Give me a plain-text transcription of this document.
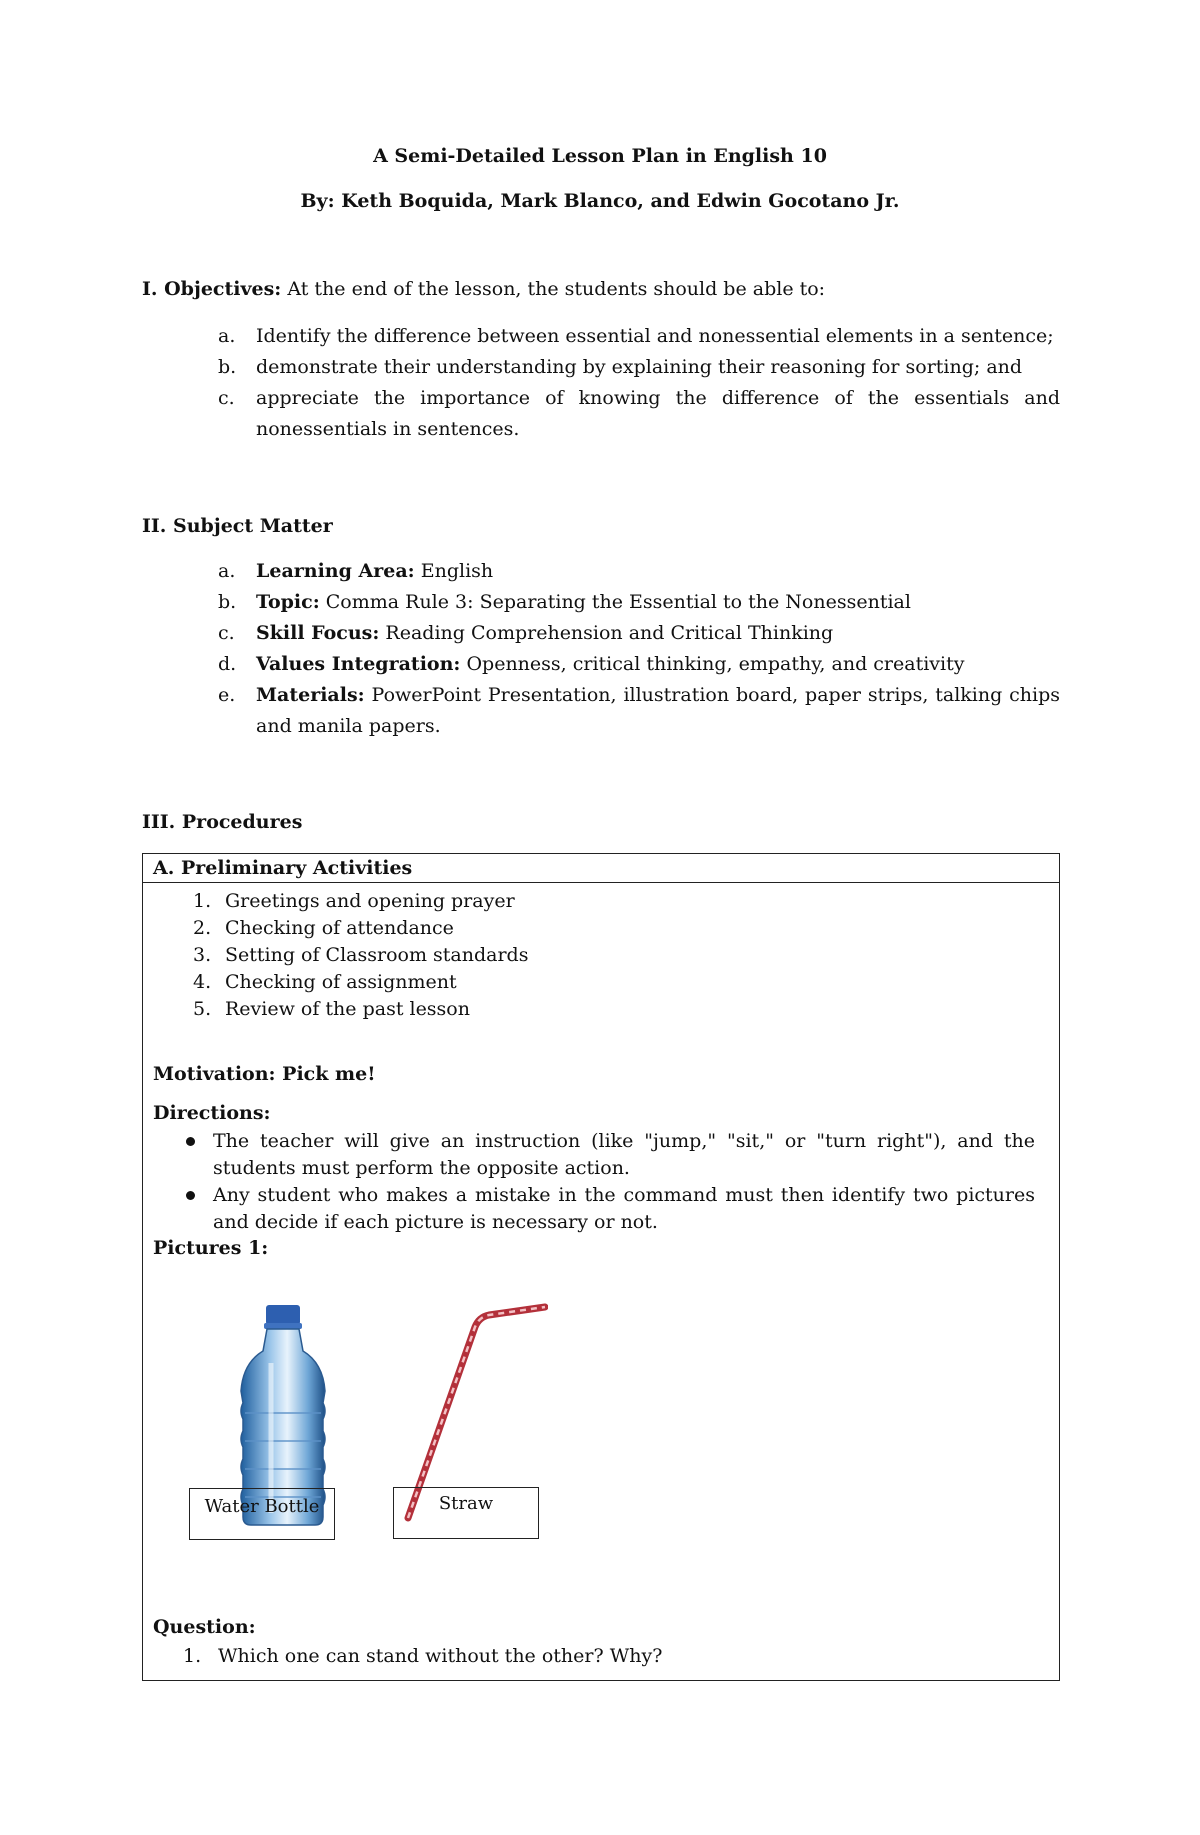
A Semi-Detailed Lesson Plan in English 10
By: Keth Boquida, Mark Blanco, and Edwin Gocotano Jr.
I. Objectives: At the end of the lesson, the students should be able to:
a. Identify the difference between essential and nonessential elements in a sentence;
b. demonstrate their understanding by explaining their reasoning for sorting; and
c. appreciate the importance of knowing the difference of the essentials and nonessentials in sentences.
II. Subject Matter
a. Learning Area: English
b. Topic: Comma Rule 3: Separating the Essential to the Nonessential
c. Skill Focus: Reading Comprehension and Critical Thinking
d. Values Integration: Openness, critical thinking, empathy, and creativity
e. Materials: PowerPoint Presentation, illustration board, paper strips, talking chips and manila papers.
III. Procedures
A. Preliminary Activities
1. Greetings and opening prayer
2. Checking of attendance
3. Setting of Classroom standards
4. Checking of assignment
5. Review of the past lesson
Motivation: Pick me!
Directions:
The teacher will give an instruction (like "jump," "sit," or "turn right"), and the students must perform the opposite action.
Any student who makes a mistake in the command must then identify two pictures and decide if each picture is necessary or not.
Pictures 1:
Water Bottle	Straw
Question:
1. Which one can stand without the other? Why?
